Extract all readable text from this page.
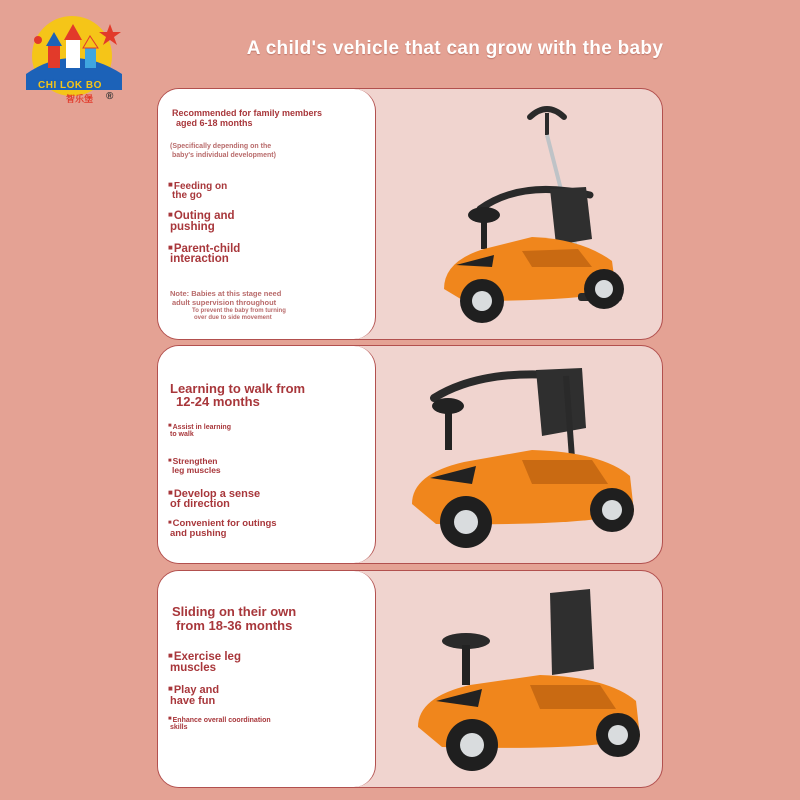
CHI LOK BO
智乐堡 ®
A child's vehicle that can grow with the baby
Recommended for family members
aged 6-18 months
(Specifically depending on the
baby's individual development)
■Feeding on
the go
■Outing and
pushing
■Parent-child
interaction
Note: Babies at this stage need
adult supervision throughout
To prevent the baby from turning
over due to side movement
Learning to walk from
12-24 months
■Assist in learning
to walk
■Strengthen
leg muscles
■Develop a sense
of direction
■Convenient for outings
and pushing
Sliding on their own
from 18-36 months
■Exercise leg
muscles
■Play and
have fun
■Enhance overall coordination
skills
